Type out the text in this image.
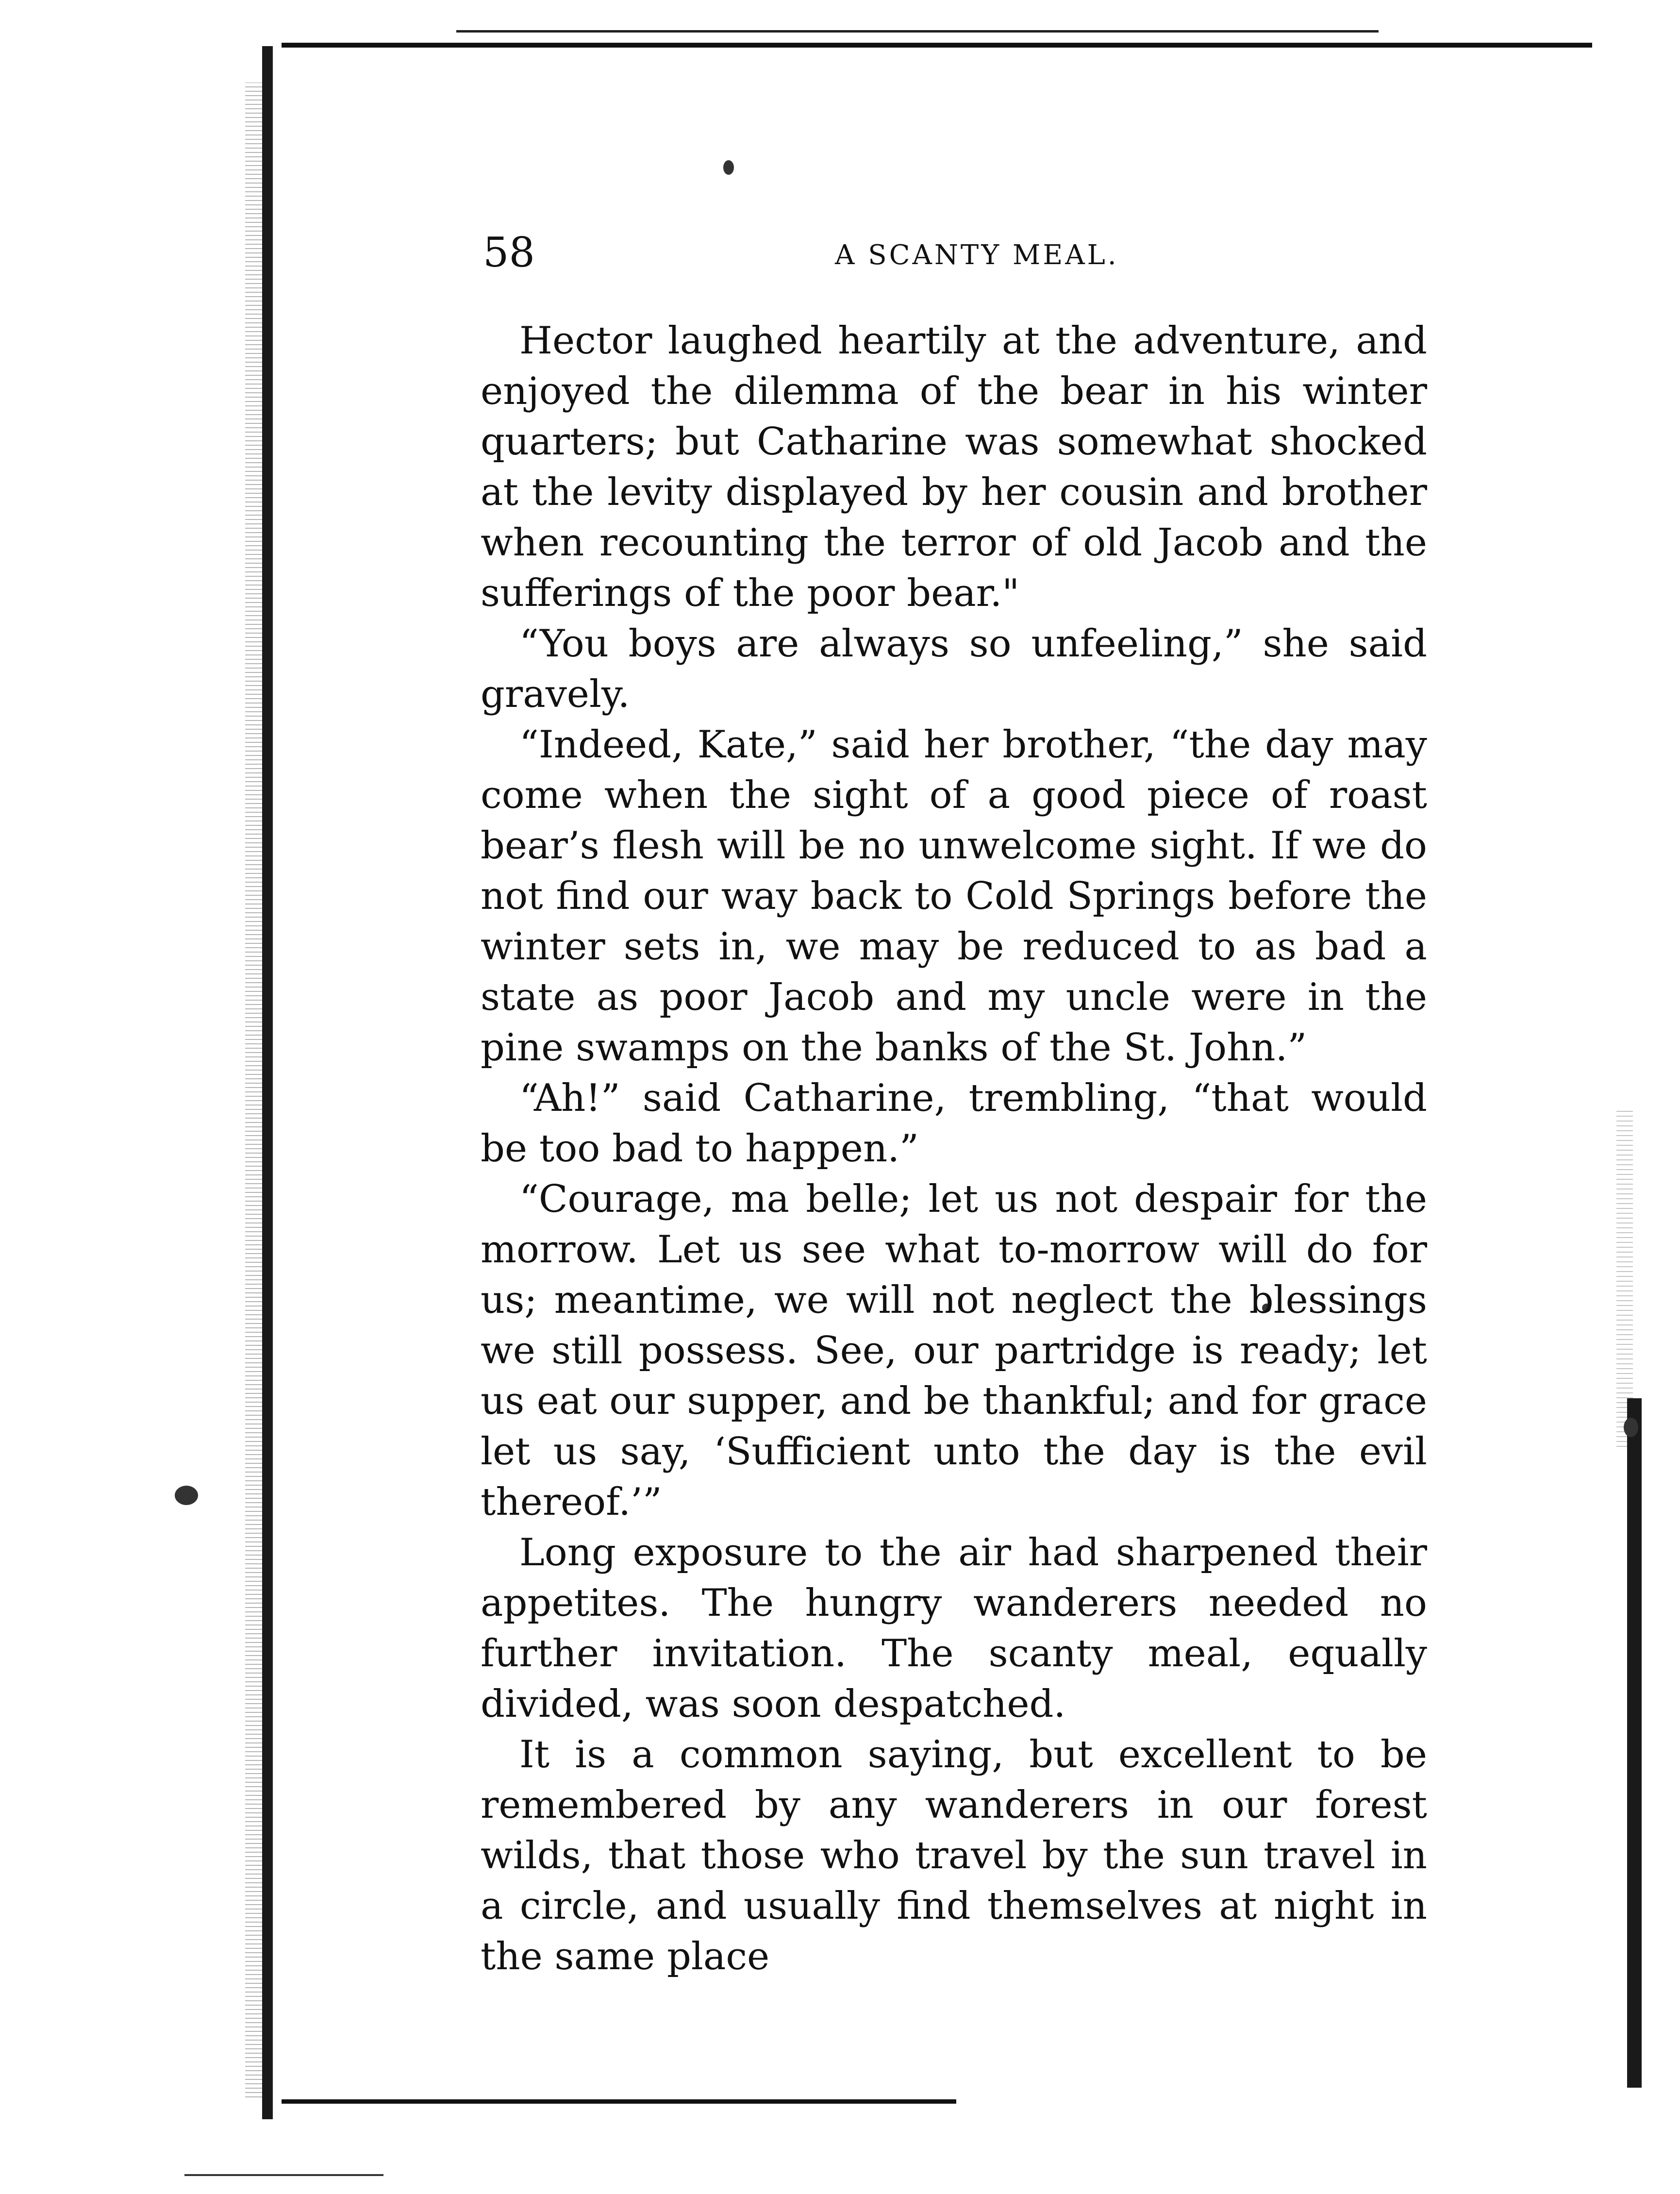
58	A SCANTY MEAL.

Hector laughed heartily at the adventure, and enjoyed the dilemma of the bear in his winter quarters; but Catharine was somewhat shocked at the levity displayed by her cousin and brother when recounting the terror of old Jacob and the sufferings of the poor bear."

“You boys are always so unfeeling,” she said gravely.

“Indeed, Kate,” said her brother, “the day may come when the sight of a good piece of roast bear’s flesh will be no unwelcome sight. If we do not find our way back to Cold Springs before the winter sets in, we may be reduced to as bad a state as poor Jacob and my uncle were in the pine swamps on the banks of the St. John.”

“Ah!” said Catharine, trembling, “that would be too bad to happen.”

“Courage, ma belle; let us not despair for the morrow. Let us see what to-morrow will do for us; meantime, we will not neglect the blessings we still possess. See, our partridge is ready; let us eat our supper, and be thankful; and for grace let us say, ‘Sufficient unto the day is the evil thereof.’”

Long exposure to the air had sharpened their appetites. The hungry wanderers needed no further invitation. The scanty meal, equally divided, was soon despatched.

It is a common saying, but excellent to be remembered by any wanderers in our forest wilds, that those who travel by the sun travel in a circle, and usually find themselves at night in the same place
